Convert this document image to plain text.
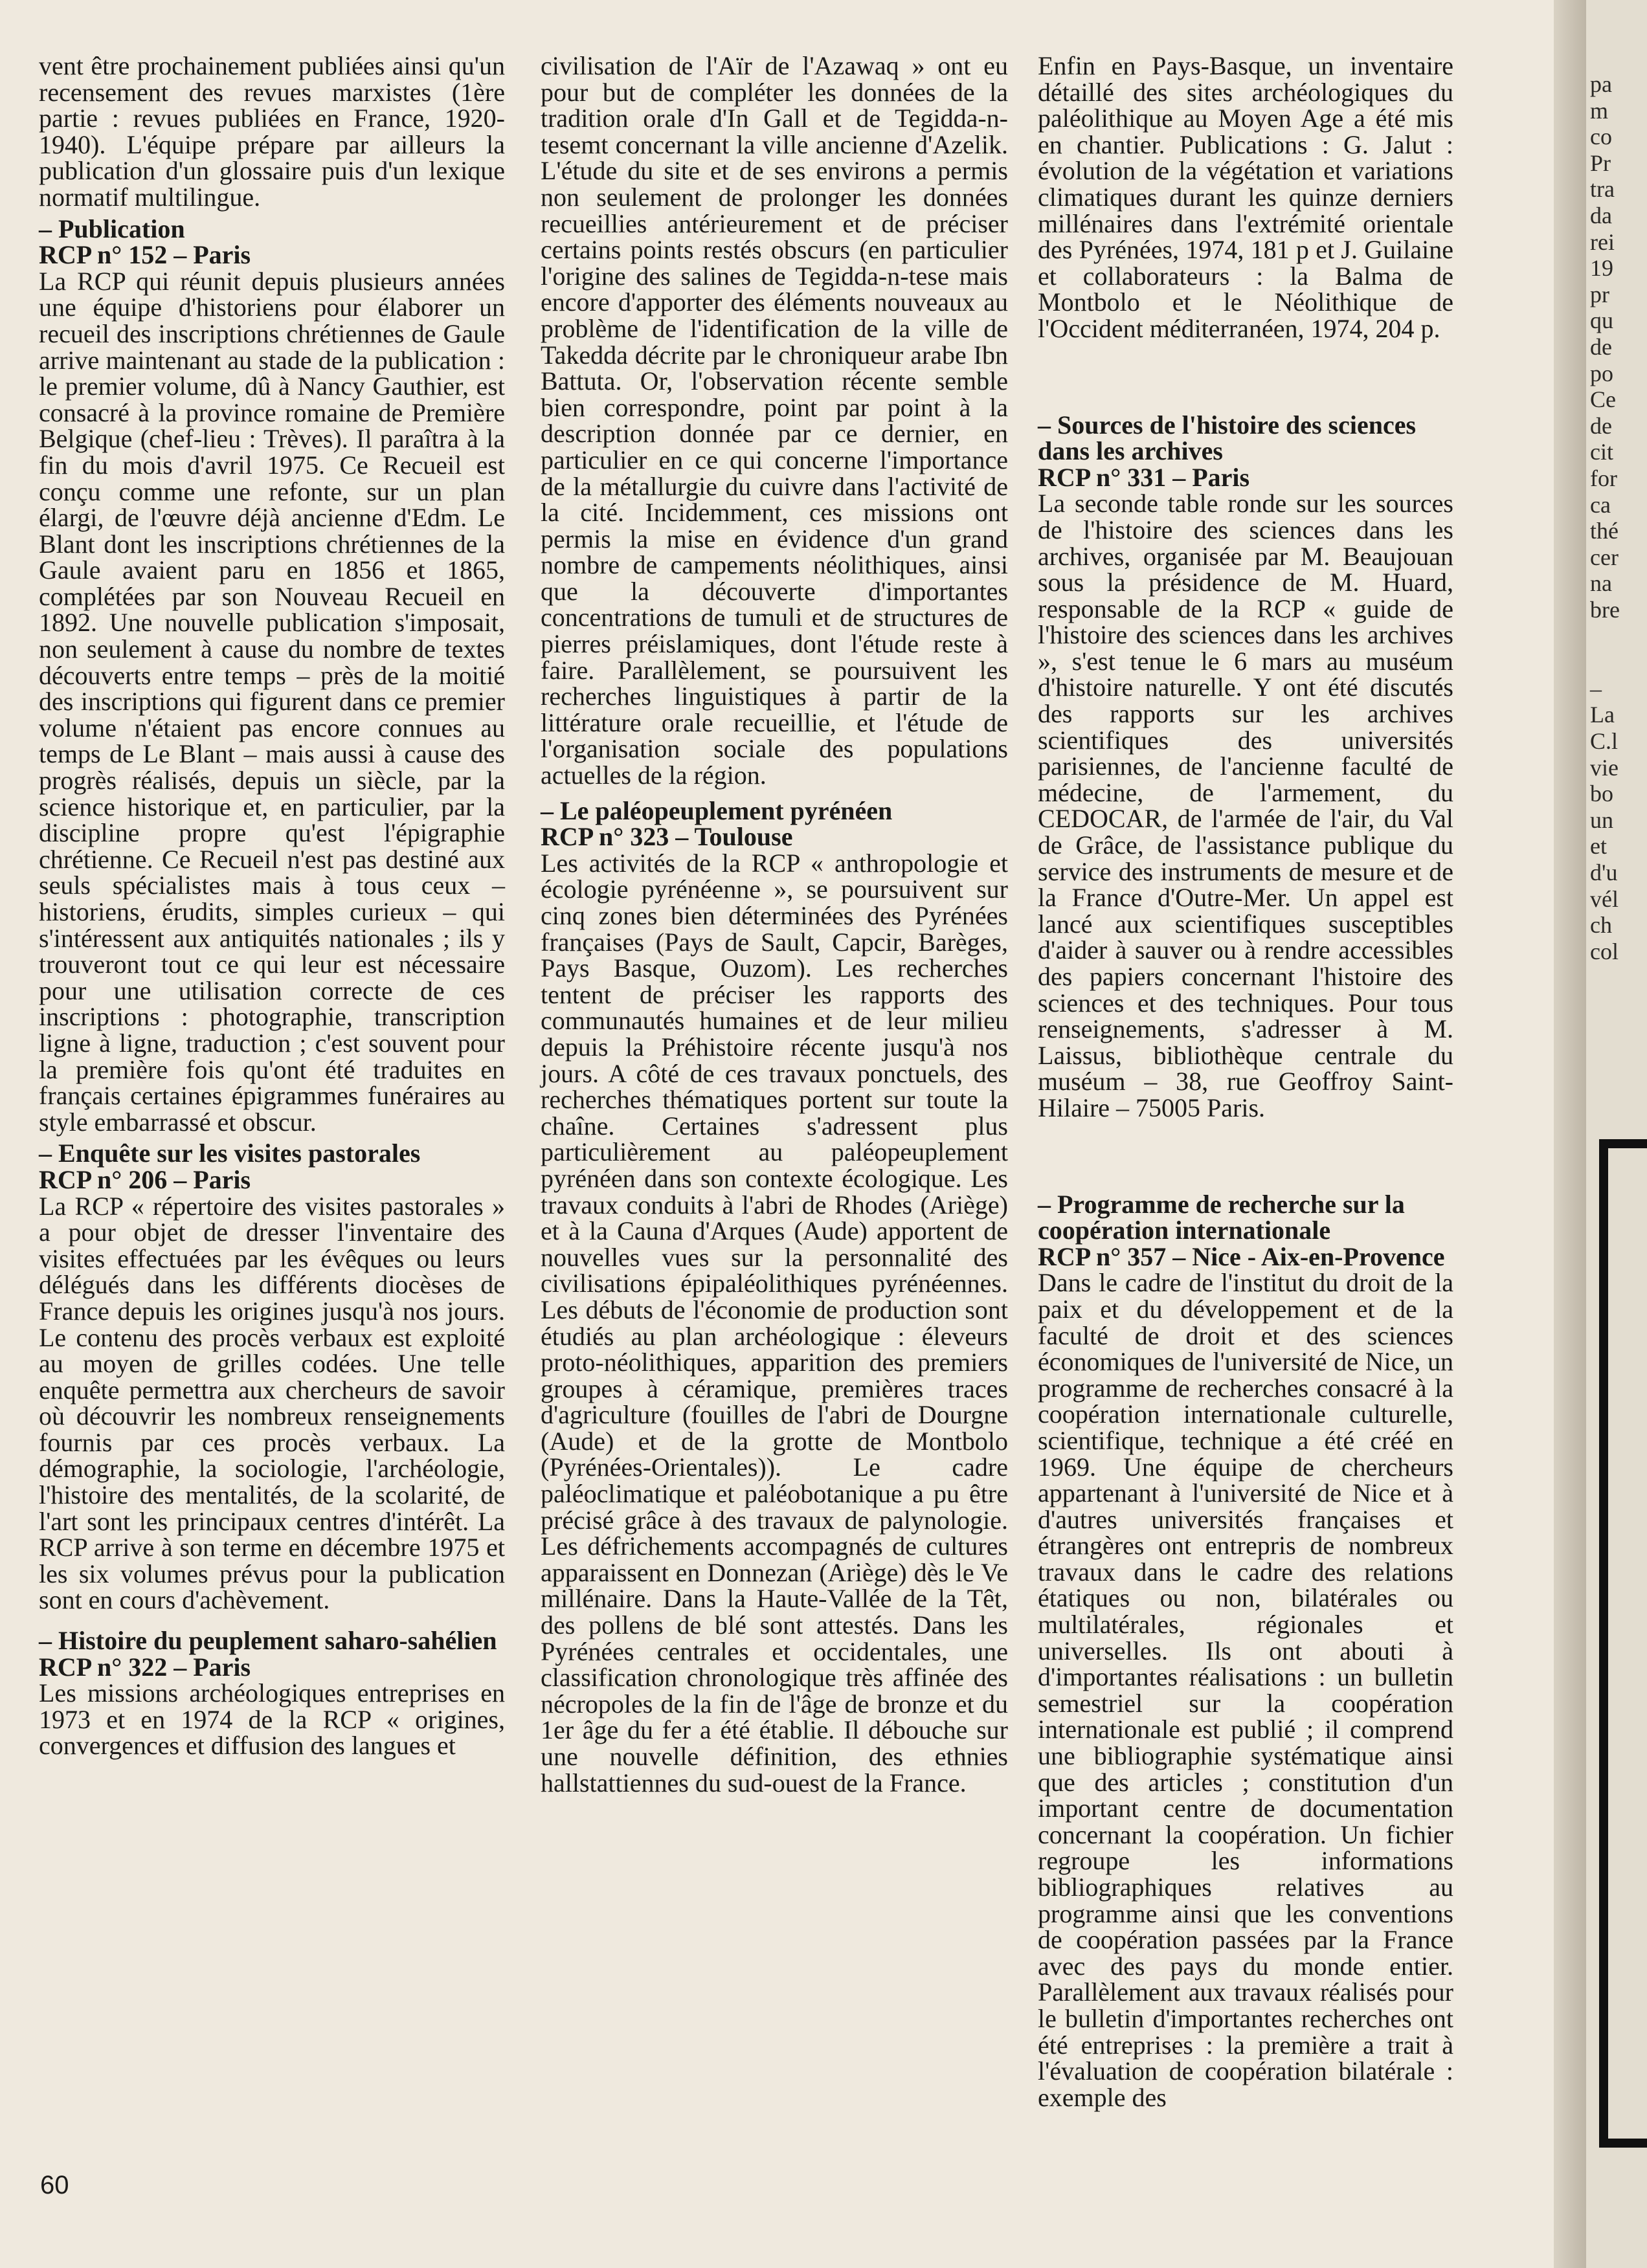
vent être prochainement publiées ainsi qu'un recensement des revues marxistes (1ère partie : revues publiées en France, 1920-1940). L'équipe prépare par ailleurs la publication d'un glossaire puis d'un lexique normatif multilingue.

– Publication

RCP n° 152 – Paris

La RCP qui réunit depuis plusieurs années une équipe d'historiens pour élaborer un recueil des inscriptions chrétiennes de Gaule arrive maintenant au stade de la publication : le premier volume, dû à Nancy Gauthier, est consacré à la province romaine de Première Belgique (chef-lieu : Trèves). Il paraîtra à la fin du mois d'avril 1975. Ce Recueil est conçu comme une refonte, sur un plan élargi, de l'œuvre déjà ancienne d'Edm. Le Blant dont les inscriptions chrétiennes de la Gaule avaient paru en 1856 et 1865, complétées par son Nouveau Recueil en 1892. Une nouvelle publication s'imposait, non seulement à cause du nombre de textes découverts entre temps – près de la moitié des inscriptions qui figurent dans ce premier volume n'étaient pas encore connues au temps de Le Blant – mais aussi à cause des progrès réalisés, depuis un siècle, par la science historique et, en particulier, par la discipline propre qu'est l'épigraphie chrétienne. Ce Recueil n'est pas destiné aux seuls spécialistes mais à tous ceux – historiens, érudits, simples curieux – qui s'intéressent aux antiquités nationales ; ils y trouveront tout ce qui leur est nécessaire pour une utilisation correcte de ces inscriptions : photographie, transcription ligne à ligne, traduction ; c'est souvent pour la première fois qu'ont été traduites en français certaines épigrammes funéraires au style embarrassé et obscur.

– Enquête sur les visites pastorales

RCP n° 206 – Paris

La RCP « répertoire des visites pastorales » a pour objet de dresser l'inventaire des visites effectuées par les évêques ou leurs délégués dans les différents diocèses de France depuis les origines jusqu'à nos jours. Le contenu des procès verbaux est exploité au moyen de grilles codées. Une telle enquête permettra aux chercheurs de savoir où découvrir les nombreux renseignements fournis par ces procès verbaux. La démographie, la sociologie, l'archéologie, l'histoire des mentalités, de la scolarité, de l'art sont les principaux centres d'intérêt. La RCP arrive à son terme en décembre 1975 et les six volumes prévus pour la publication sont en cours d'achèvement.

– Histoire du peuplement saharo-sahélien

RCP n° 322 – Paris

Les missions archéologiques entreprises en 1973 et en 1974 de la RCP « origines, convergences et diffusion des langues et

civilisation de l'Aïr de l'Azawaq » ont eu pour but de compléter les données de la tradition orale d'In Gall et de Tegidda-n-tesemt concernant la ville ancienne d'Azelik. L'étude du site et de ses environs a permis non seulement de prolonger les données recueillies antérieurement et de préciser certains points restés obscurs (en particulier l'origine des salines de Tegidda-n-tese mais encore d'apporter des éléments nouveaux au problème de l'identification de la ville de Takedda décrite par le chroniqueur arabe Ibn Battuta. Or, l'observation récente semble bien correspondre, point par point à la description donnée par ce dernier, en particulier en ce qui concerne l'importance de la métallurgie du cuivre dans l'activité de la cité. Incidemment, ces missions ont permis la mise en évidence d'un grand nombre de campements néolithiques, ainsi que la découverte d'importantes concentrations de tumuli et de structures de pierres préislamiques, dont l'étude reste à faire. Parallèlement, se poursuivent les recherches linguistiques à partir de la littérature orale recueillie, et l'étude de l'organisation sociale des populations actuelles de la région.

– Le paléopeuplement pyrénéen

RCP n° 323 – Toulouse

Les activités de la RCP « anthropologie et écologie pyrénéenne », se poursuivent sur cinq zones bien déterminées des Pyrénées françaises (Pays de Sault, Capcir, Barèges, Pays Basque, Ouzom). Les recherches tentent de préciser les rapports des communautés humaines et de leur milieu depuis la Préhistoire récente jusqu'à nos jours. A côté de ces travaux ponctuels, des recherches thématiques portent sur toute la chaîne. Certaines s'adressent plus particulièrement au paléopeuplement pyrénéen dans son contexte écologique. Les travaux conduits à l'abri de Rhodes (Ariège) et à la Cauna d'Arques (Aude) apportent de nouvelles vues sur la personnalité des civilisations épipaléolithiques pyrénéennes. Les débuts de l'économie de production sont étudiés au plan archéologique : éleveurs proto-néolithiques, apparition des premiers groupes à céramique, premières traces d'agriculture (fouilles de l'abri de Dourgne (Aude) et de la grotte de Montbolo (Pyrénées-Orientales)). Le cadre paléoclimatique et paléobotanique a pu être précisé grâce à des travaux de palynologie. Les défrichements accompagnés de cultures apparaissent en Donnezan (Ariège) dès le Ve millénaire. Dans la Haute-Vallée de la Têt, des pollens de blé sont attestés. Dans les Pyrénées centrales et occidentales, une classification chronologique très affinée des nécropoles de la fin de l'âge de bronze et du 1er âge du fer a été établie. Il débouche sur une nouvelle définition, des ethnies hallstattiennes du sud-ouest de la France.

Enfin en Pays-Basque, un inventaire détaillé des sites archéologiques du paléolithique au Moyen Age a été mis en chantier. Publications : G. Jalut : évolution de la végétation et variations climatiques durant les quinze derniers millénaires dans l'extrémité orientale des Pyrénées, 1974, 181 p et J. Guilaine et collaborateurs : la Balma de Montbolo et le Néolithique de l'Occident méditerranéen, 1974, 204 p.

– Sources de l'histoire des sciences dans les archives

RCP n° 331 – Paris

La seconde table ronde sur les sources de l'histoire des sciences dans les archives, organisée par M. Beaujouan sous la présidence de M. Huard, responsable de la RCP « guide de l'histoire des sciences dans les archives », s'est tenue le 6 mars au muséum d'histoire naturelle. Y ont été discutés des rapports sur les archives scientifiques des universités parisiennes, de l'ancienne faculté de médecine, de l'armement, du CEDOCAR, de l'armée de l'air, du Val de Grâce, de l'assistance publique du service des instruments de mesure et de la France d'Outre-Mer. Un appel est lancé aux scientifiques susceptibles d'aider à sauver ou à rendre accessibles des papiers concernant l'histoire des sciences et des techniques. Pour tous renseignements, s'adresser à M. Laissus, bibliothèque centrale du muséum – 38, rue Geoffroy Saint-Hilaire – 75005 Paris.

– Programme de recherche sur la coopération internationale

RCP n° 357 – Nice - Aix-en-Provence

Dans le cadre de l'institut du droit de la paix et du développement et de la faculté de droit et des sciences économiques de l'université de Nice, un programme de recherches consacré à la coopération internationale culturelle, scientifique, technique a été créé en 1969. Une équipe de chercheurs appartenant à l'université de Nice et à d'autres universités françaises et étrangères ont entrepris de nombreux travaux dans le cadre des relations étatiques ou non, bilatérales ou multilatérales, régionales et universelles. Ils ont abouti à d'importantes réalisations : un bulletin semestriel sur la coopération internationale est publié ; il comprend une bibliographie systématique ainsi que des articles ; constitution d'un important centre de documentation concernant la coopération. Un fichier regroupe les informations bibliographiques relatives au programme ainsi que les conventions de coopération passées par la France avec des pays du monde entier. Parallèlement aux travaux réalisés pour le bulletin d'importantes recherches ont été entreprises : la première a trait à l'évaluation de coopération bilatérale : exemple des

60
pa
m
co
Pr
tra
da
rei
19
pr
qu
de
po
Ce
de
cit
for
ca
thé
cer
na
bre
–
La
C.l
vie
bo
un
et
d'u
vél
ch
col
